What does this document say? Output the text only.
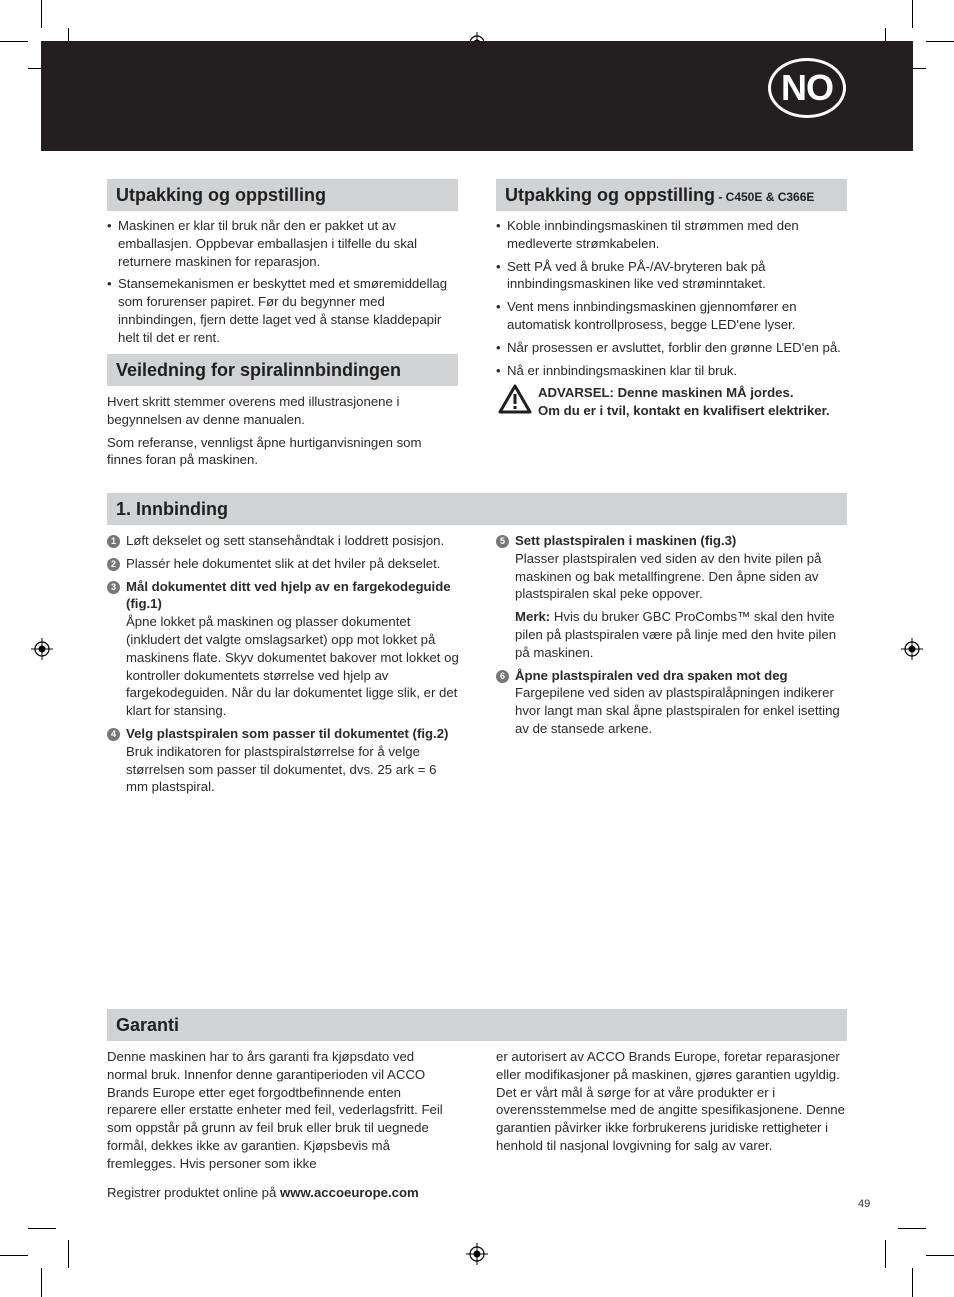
NO
Utpakking og oppstilling
• Maskinen er klar til bruk når den er pakket ut av emballasjen. Oppbevar emballasjen i tilfelle du skal returnere maskinen for reparasjon.
• Stansemekanismen er beskyttet med et smøremiddellag som forurenser papiret. Før du begynner med innbindingen, fjern dette laget ved å stanse kladdepapir helt til det er rent.
Veiledning for spiralinnbindingen

Hvert skritt stemmer overens med illustrasjonene i begynnelsen av denne manualen.

Som referanse, vennligst åpne hurtiganvisningen som finnes foran på maskinen.

Utpakking og oppstilling - C450E & C366E
• Koble innbindingsmaskinen til strømmen med den medleverte strømkabelen.
• Sett PÅ ved å bruke PÅ-/AV-bryteren bak på innbindingsmaskinen like ved strøminntaket.
• Vent mens innbindingsmaskinen gjennomfører en automatisk kontrollprosess, begge LED'ene lyser.
• Når prosessen er avsluttet, forblir den grønne LED'en på.
• Nå er innbindingsmaskinen klar til bruk.
ADVARSEL: Denne maskinen MÅ jordes.
Om du er i tvil, kontakt en kvalifisert elektriker.
1. Innbinding
1 Løft dekselet og sett stansehåndtak i loddrett posisjon.
2 Plassér hele dokumentet slik at det hviler på dekselet.
3 Mål dokumentet ditt ved hjelp av en fargekodeguide (fig.1)
Åpne lokket på maskinen og plasser dokumentet (inkludert det valgte omslagsarket) opp mot lokket på maskinens flate. Skyv dokumentet bakover mot lokket og kontroller dokumentets størrelse ved hjelp av fargekodeguiden. Når du lar dokumentet ligge slik, er det klart for stansing.
4 Velg plastspiralen som passer til dokumentet (fig.2)
Bruk indikatoren for plastspiralstørrelse for å velge størrelsen som passer til dokumentet, dvs. 25 ark = 6 mm plastspiral.
5 Sett plastspiralen i maskinen (fig.3)
Plasser plastspiralen ved siden av den hvite pilen på maskinen og bak metallfingrene. Den åpne siden av plastspiralen skal peke oppover.
Merk: Hvis du bruker GBC ProCombs™ skal den hvite pilen på plastspiralen være på linje med den hvite pilen på maskinen.
6 Åpne plastspiralen ved dra spaken mot deg
Fargepilene ved siden av plastspiralåpningen indikerer hvor langt man skal åpne plastspiralen for enkel isetting av de stansede arkene.
Garanti

Denne maskinen har to års garanti fra kjøpsdato ved normal bruk. Innenfor denne garantiperioden vil ACCO Brands Europe etter eget forgodtbefinnende enten reparere eller erstatte enheter med feil, vederlagsfritt. Feil som oppstår på grunn av feil bruk eller bruk til uegnede formål, dekkes ikke av garantien. Kjøpsbevis må fremlegges. Hvis personer som ikke

Registrer produktet online på www.accoeurope.com

er autorisert av ACCO Brands Europe, foretar reparasjoner eller modifikasjoner på maskinen, gjøres garantien ugyldig. Det er vårt mål å sørge for at våre produkter er i overensstemmelse med de angitte spesifikasjonene. Denne garantien påvirker ikke forbrukerens juridiske rettigheter i henhold til nasjonal lovgivning for salg av varer.

49
